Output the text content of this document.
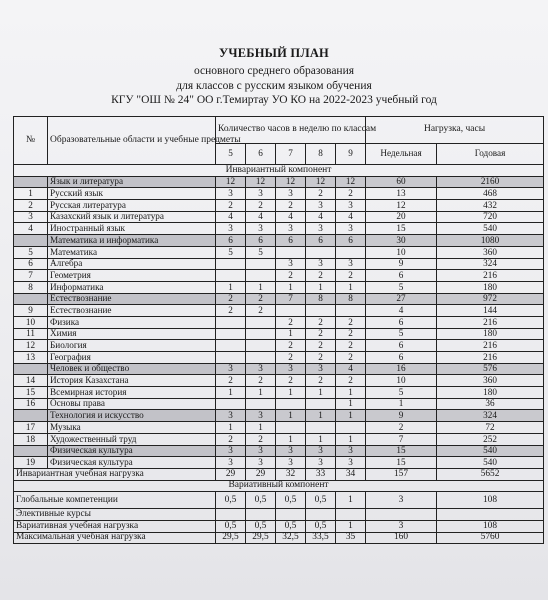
УЧЕБНЫЙ ПЛАН
основного среднего образования
для классов с русским языком обучения
КГУ "ОШ № 24" ОО г.Темиртау УО КО на 2022-2023 учебный год
№	Образовательные области и учебные предметы	Количество часов в неделю по классам					Нагрузка, часы	
		5	6	7	8	9	Недельная	Годовая
Инвариантный компонент								
	Язык и литература	12	12	12	12	12	60	2160
1	Русский язык	3	3	3	2	2	13	468
2	Русская литература	2	2	2	3	3	12	432
3	Казахский язык и литература	4	4	4	4	4	20	720
4	Иностранный язык	3	3	3	3	3	15	540
	Математика и информатика	6	6	6	6	6	30	1080
5	Математика	5	5				10	360
6	Алгебра			3	3	3	9	324
7	Геометрия			2	2	2	6	216
8	Информатика	1	1	1	1	1	5	180
	Естествознание	2	2	7	8	8	27	972
9	Естествознание	2	2				4	144
10	Физика			2	2	2	6	216
11	Химия			1	2	2	5	180
12	Биология			2	2	2	6	216
13	География			2	2	2	6	216
	Человек и общество	3	3	3	3	4	16	576
14	История Казахстана	2	2	2	2	2	10	360
15	Всемирная история	1	1	1	1	1	5	180
16	Основы права					1	1	36
	Технология и искусство	3	3	1	1	1	9	324
17	Музыка	1	1				2	72
18	Художественный труд	2	2	1	1	1	7	252
	Физическая культура	3	3	3	3	3	15	540
19	Физическая культура	3	3	3	3	3	15	540
Инвариантная учебная нагрузка		29	29	32	33	34	157	5652
Вариативный компонент								
Глобальные компетенции		0,5	0,5	0,5	0,5	1	3	108
Элективные курсы								
Вариативная учебная нагрузка		0,5	0,5	0,5	0,5	1	3	108
Максимальная учебная нагрузка		29,5	29,5	32,5	33,5	35	160	5760
